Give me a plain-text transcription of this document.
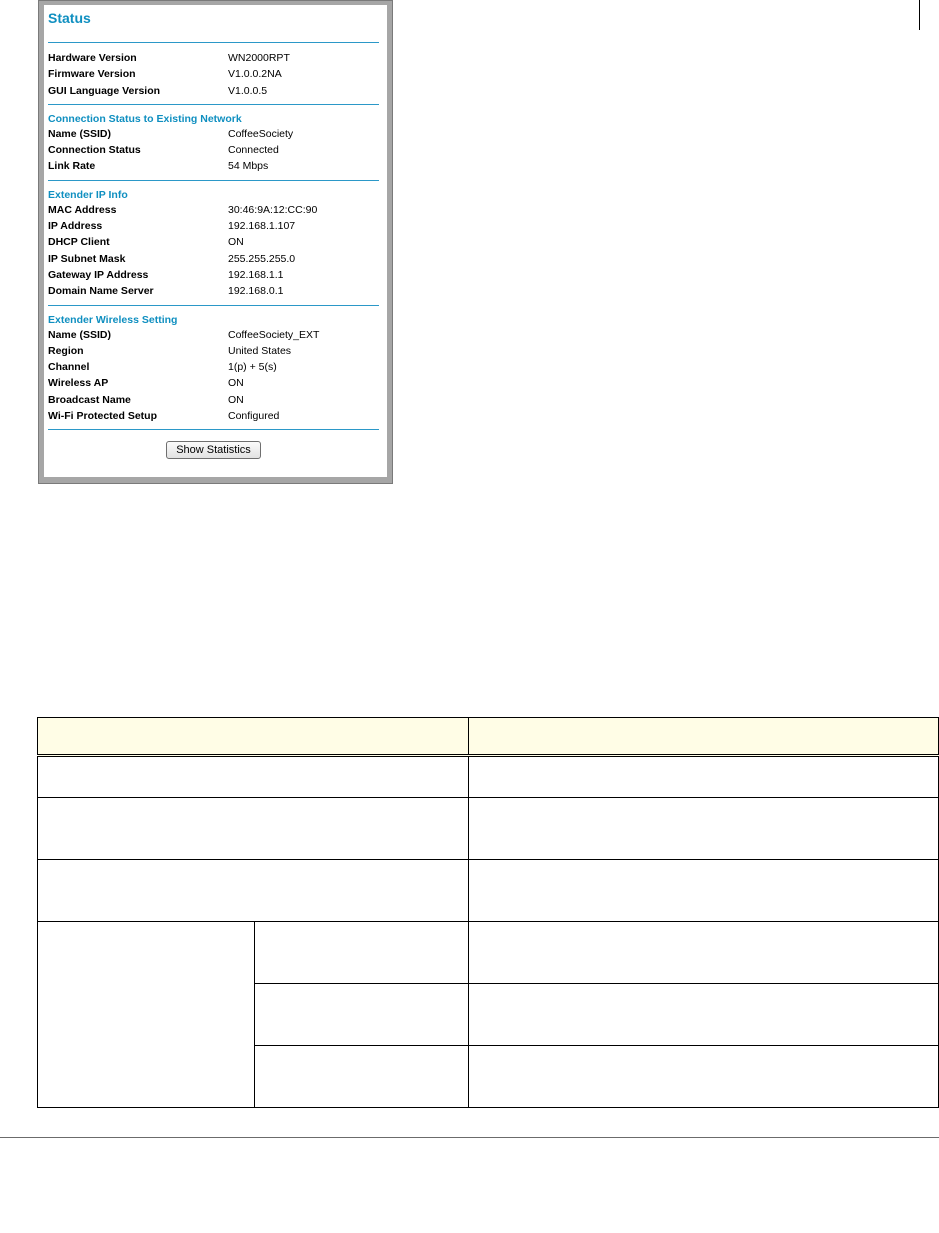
Status
Hardware Version	WN2000RPT
Firmware Version	V1.0.0.2NA
GUI Language Version	V1.0.0.5
Connection Status to Existing Network
Name (SSID)	CoffeeSociety
Connection Status	Connected
Link Rate	54 Mbps
Extender IP Info
MAC Address	30:46:9A:12:CC:90
IP Address	192.168.1.107
DHCP Client	ON
IP Subnet Mask	255.255.255.0
Gateway IP Address	192.168.1.1
Domain Name Server	192.168.0.1
Extender Wireless Setting
Name (SSID)	CoffeeSociety_EXT
Region	United States
Channel	1(p) + 5(s)
Wireless AP	ON
Broadcast Name	ON
Wi-Fi Protected Setup	Configured
Show Statistics
